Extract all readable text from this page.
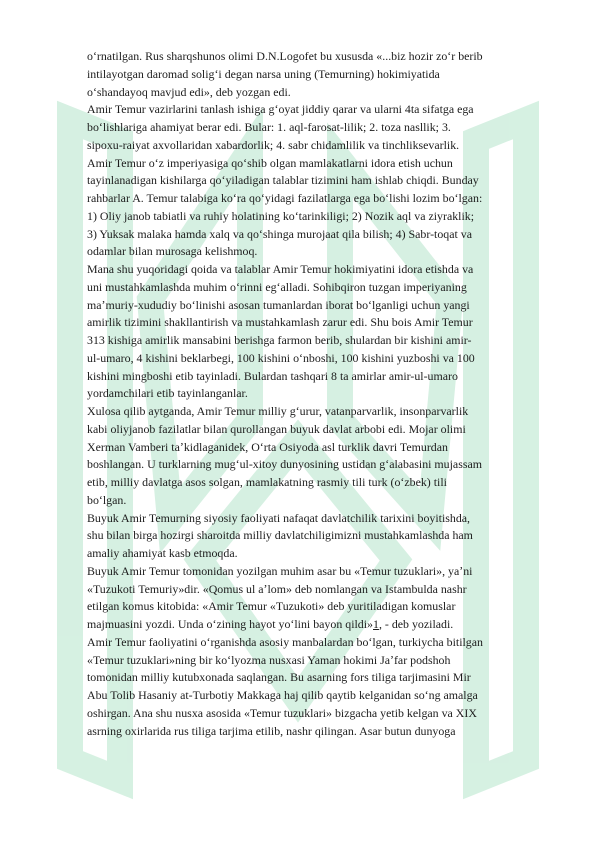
oʻrnatilgan. Rus sharqshunos olimi D.N.Logofet bu xususda «...biz hozir zoʻr berib
intilayotgan daromad soligʻi degan narsa uning (Temurning) hokimiyatida
oʻshandayoq mavjud edi», deb yozgan edi.

Amir Temur vazirlarini tanlash ishiga gʻoyat jiddiy qarar va ularni 4ta sifatga ega
boʻlishlariga ahamiyat berar edi. Bular: 1. aql-farosat-lilik; 2. toza nasllik; 3.
sipoxu-raiyat axvollaridan xabardorlik; 4. sabr chidamlilik va tinchliksevarlik.

Amir Temur oʻz imperiyasiga qoʻshib olgan mamlakatlarni idora etish uchun
tayinlanadigan kishilarga qoʻyiladigan talablar tizimini ham ishlab chiqdi. Bunday
rahbarlar A. Temur talabiga koʻra qoʻyidagi fazilatlarga ega boʻlishi lozim boʻlgan:
1) Oliy janob tabiatli va ruhiy holatining koʻtarinkiligi; 2) Nozik aql va ziyraklik;
3) Yuksak malaka hamda xalq va qoʻshinga murojaat qila bilish; 4) Sabr-toqat va
odamlar bilan murosaga kelishmoq.

Mana shu yuqoridagi qoida va talablar Amir Temur hokimiyatini idora etishda va
uni mustahkamlashda muhim oʻrinni egʻalladi. Sohibqiron tuzgan imperiyaning
maʼmuriy-xududiy boʻlinishi asosan tumanlardan iborat boʻlganligi uchun yangi
amirlik tizimini shakllantirish va mustahkamlash zarur edi. Shu bois Amir Temur
313 kishiga amirlik mansabini berishga farmon berib, shulardan bir kishini amir-
ul-umaro, 4 kishini beklarbegi, 100 kishini oʻnboshi, 100 kishini yuzboshi va 100
kishini mingboshi etib tayinladi. Bulardan tashqari 8 ta amirlar amir-ul-umaro
yordamchilari etib tayinlanganlar.

Xulosa qilib aytganda, Amir Temur milliy gʻurur, vatanparvarlik, insonparvarlik
kabi oliyjanob fazilatlar bilan qurollangan buyuk davlat arbobi edi. Mojar olimi
Xerman Vamberi taʼkidlaganidek, Oʻrta Osiyoda asl turklik davri Temurdan
boshlangan. U turklarning mugʻul-xitoy dunyosining ustidan gʻalabasini mujassam
etib, milliy davlatga asos solgan, mamlakatning rasmiy tili turk (oʻzbek) tili
boʻlgan.

Buyuk Amir Temurning siyosiy faoliyati nafaqat davlatchilik tarixini boyitishda,
shu bilan birga hozirgi sharoitda milliy davlatchiligimizni mustahkamlashda ham
amaliy ahamiyat kasb etmoqda.

Buyuk Amir Temur tomonidan yozilgan muhim asar bu «Temur tuzuklari», yaʼni
«Tuzukoti Temuriy»dir. «Qomus ul aʼlom» deb nomlangan va Istambulda nashr
etilgan komus kitobida: «Amir Temur «Tuzukoti» deb yuritiladigan komuslar

majmuasini yozdi. Unda oʻzining hayot yoʻlini bayon qildi»1, - deb yoziladi.

Amir Temur faoliyatini oʻrganishda asosiy manbalardan boʻlgan, turkiycha bitilgan
«Temur tuzuklari»ning bir koʻlyozma nusxasi Yaman hokimi Jaʼfar podshoh
tomonidan milliy kutubxonada saqlangan. Bu asarning fors tiliga tarjimasini Mir
Abu Tolib Hasaniy at-Turbotiy Makkaga haj qilib qaytib kelganidan soʻng amalga
oshirgan. Ana shu nusxa asosida «Temur tuzuklari» bizgacha yetib kelgan va XIX
asrning oxirlarida rus tiliga tarjima etilib, nashr qilingan. Asar butun dunyoga
